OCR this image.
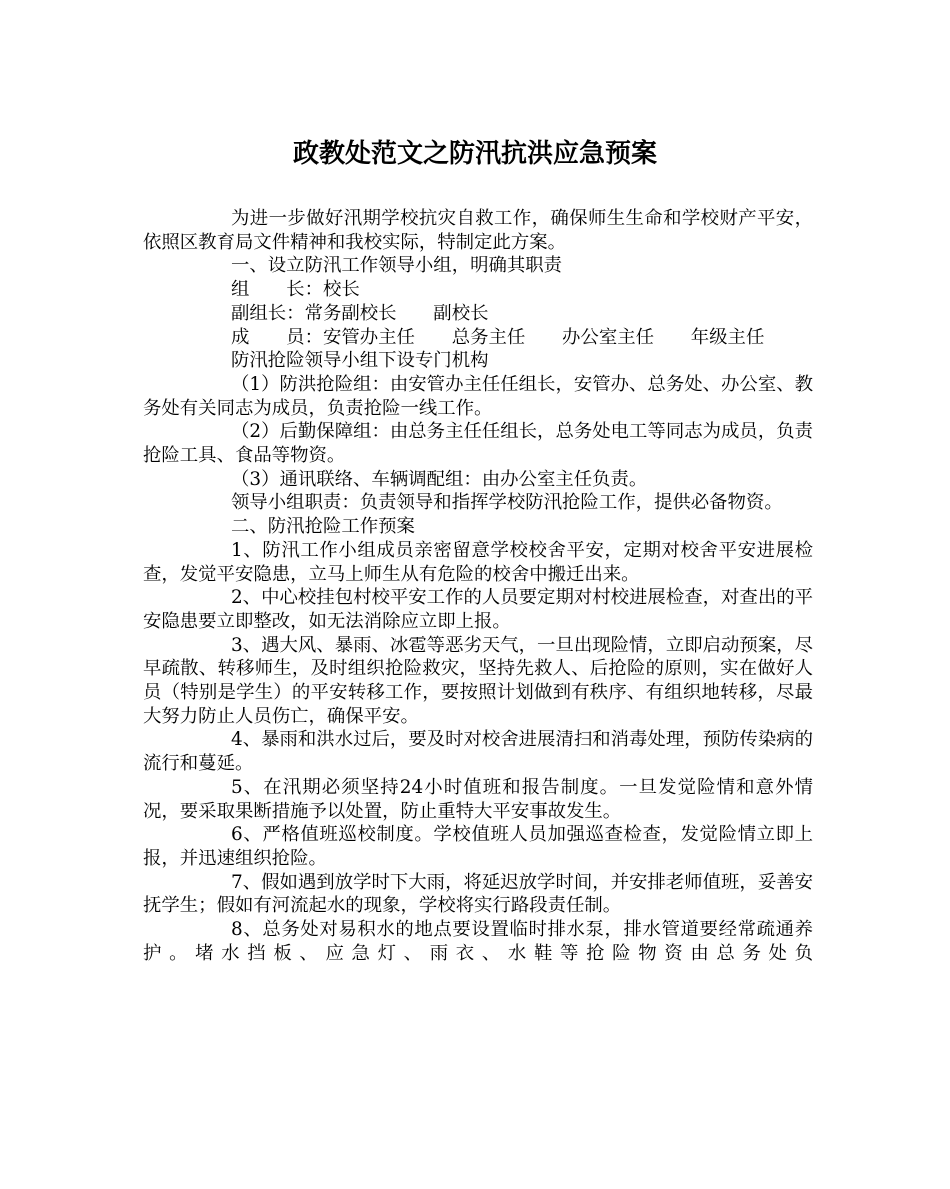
政教处范文之防汛抗洪应急预案

为进一步做好汛期学校抗灾自救工作，确保师生生命和学校财产平安，依照区教育局文件精神和我校实际，特制定此方案。

一、设立防汛工作领导小组，明确其职责

组　　长：校长

副组长：常务副校长　　副校长

成　　员：安管办主任　　总务主任　　办公室主任　　年级主任

防汛抢险领导小组下设专门机构

（1）防洪抢险组：由安管办主任任组长，安管办、总务处、办公室、教务处有关同志为成员，负责抢险一线工作。

（2）后勤保障组：由总务主任任组长，总务处电工等同志为成员，负责抢险工具、食品等物资。

（3）通讯联络、车辆调配组：由办公室主任负责。

领导小组职责：负责领导和指挥学校防汛抢险工作，提供必备物资。

二、防汛抢险工作预案

1、防汛工作小组成员亲密留意学校校舍平安，定期对校舍平安进展检查，发觉平安隐患，立马上师生从有危险的校舍中搬迁出来。

2、中心校挂包村校平安工作的人员要定期对村校进展检查，对查出的平安隐患要立即整改，如无法消除应立即上报。

3、遇大风、暴雨、冰雹等恶劣天气，一旦出现险情，立即启动预案，尽早疏散、转移师生，及时组织抢险救灾，坚持先救人、后抢险的原则，实在做好人员（特别是学生）的平安转移工作，要按照计划做到有秩序、有组织地转移，尽最大努力防止人员伤亡，确保平安。

4、暴雨和洪水过后，要及时对校舍进展清扫和消毒处理，预防传染病的流行和蔓延。

5、在汛期必须坚持24小时值班和报告制度。一旦发觉险情和意外情况，要采取果断措施予以处置，防止重特大平安事故发生。

6、严格值班巡校制度。学校值班人员加强巡查检查，发觉险情立即上报，并迅速组织抢险。

7、假如遇到放学时下大雨，将延迟放学时间，并安排老师值班，妥善安抚学生；假如有河流起水的现象，学校将实行路段责任制。

8、总务处对易积水的地点要设置临时排水泵，排水管道要经常疏通养护。堵水挡板、应急灯、雨衣、水鞋等抢险物资由总务处负
